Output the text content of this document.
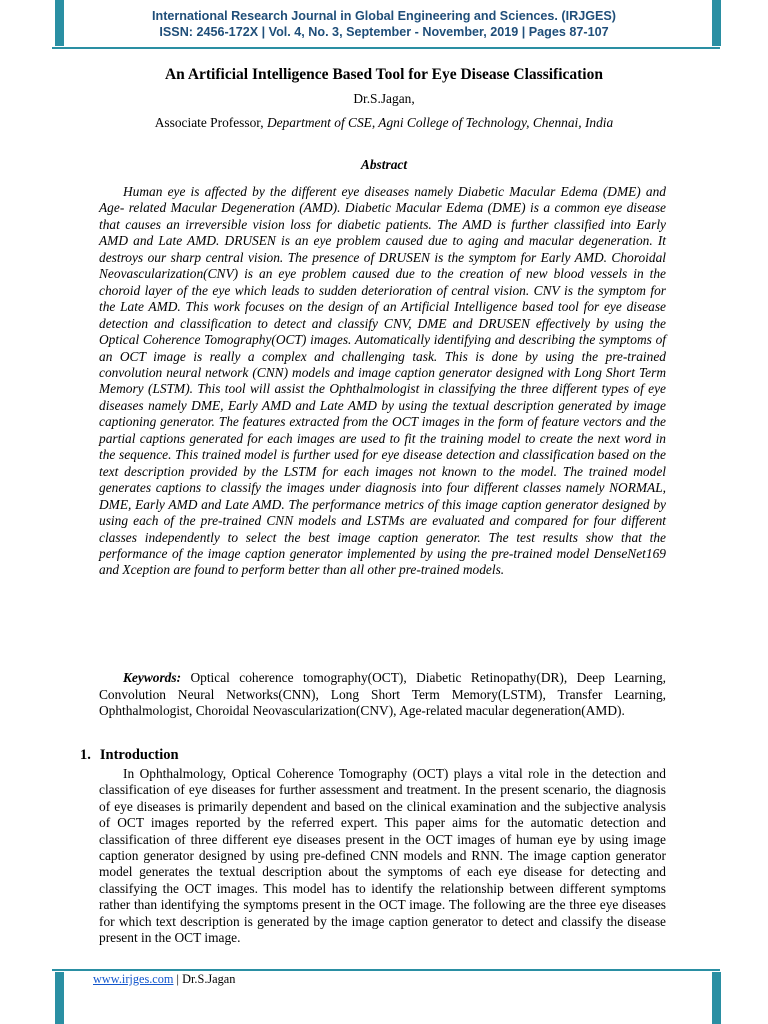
International Research Journal in Global Engineering and Sciences. (IRJGES)
ISSN: 2456-172X | Vol. 4, No. 3, September - November, 2019 | Pages 87-107
An Artificial Intelligence Based Tool for Eye Disease Classification
Dr.S.Jagan,
Associate Professor, Department of CSE, Agni College of Technology, Chennai, India
Abstract

Human eye is affected by the different eye diseases namely Diabetic Macular Edema (DME) and Age- related Macular Degeneration (AMD). Diabetic Macular Edema (DME) is a common eye disease that causes an irreversible vision loss for diabetic patients. The AMD is further classified into Early AMD and Late AMD. DRUSEN is an eye problem caused due to aging and macular degeneration. It destroys our sharp central vision. The presence of DRUSEN is the symptom for Early AMD. Choroidal Neovascularization(CNV) is an eye problem caused due to the creation of new blood vessels in the choroid layer of the eye which leads to sudden deterioration of central vision. CNV is the symptom for the Late AMD. This work focuses on the design of an Artificial Intelligence based tool for eye disease detection and classification to detect and classify CNV, DME and DRUSEN effectively by using the Optical Coherence Tomography(OCT) images. Automatically identifying and describing the symptoms of an OCT image is really a complex and challenging task. This is done by using the pre-trained convolution neural network (CNN) models and image caption generator designed with Long Short Term Memory (LSTM). This tool will assist the Ophthalmologist in classifying the three different types of eye diseases namely DME, Early AMD and Late AMD by using the textual description generated by image captioning generator. The features extracted from the OCT images in the form of feature vectors and the partial captions generated for each images are used to fit the training model to create the next word in the sequence. This trained model is further used for eye disease detection and classification based on the text description provided by the LSTM for each images not known to the model. The trained model generates captions to classify the images under diagnosis into four different classes namely NORMAL, DME, Early AMD and Late AMD. The performance metrics of this image caption generator designed by using each of the pre-trained CNN models and LSTMs are evaluated and compared for four different classes independently to select the best image caption generator. The test results show that the performance of the image caption generator implemented by using the pre-trained model DenseNet169 and Xception are found to perform better than all other pre-trained models.

Keywords: Optical coherence tomography(OCT), Diabetic Retinopathy(DR), Deep Learning, Convolution Neural Networks(CNN), Long Short Term Memory(LSTM), Transfer Learning, Ophthalmologist, Choroidal Neovascularization(CNV), Age-related macular degeneration(AMD).

1. Introduction

In Ophthalmology, Optical Coherence Tomography (OCT) plays a vital role in the detection and classification of eye diseases for further assessment and treatment. In the present scenario, the diagnosis of eye diseases is primarily dependent and based on the clinical examination and the subjective analysis of OCT images reported by the referred expert. This paper aims for the automatic detection and classification of three different eye diseases present in the OCT images of human eye by using image caption generator designed by using pre-defined CNN models and RNN. The image caption generator model generates the textual description about the symptoms of each eye disease for detecting and classifying the OCT images. This model has to identify the relationship between different symptoms rather than identifying the symptoms present in the OCT image. The following are the three eye diseases for which text description is generated by the image caption generator to detect and classify the disease present in the OCT image.

www.irjges.com | Dr.S.Jagan
